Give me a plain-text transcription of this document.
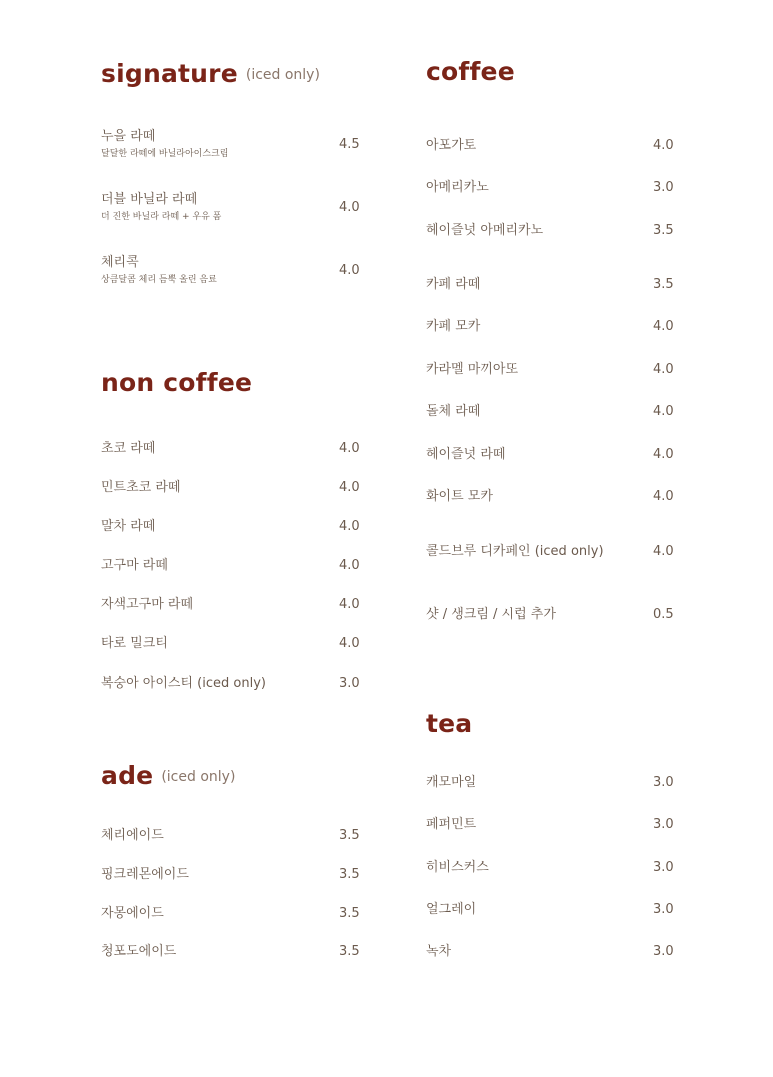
signature (iced only)
누을 라떼
달달한 라떼에 바닐라아이스크림
4.5
더블 바닐라 라떼
더 진한 바닐라 라떼 + 우유 폼
4.0
체리콕
상큼달콤 체리 듬뿍 올린 음료
4.0
non coffee
초코 라떼	4.0
민트초코 라떼	4.0
말차 라떼	4.0
고구마 라떼	4.0
자색고구마 라떼	4.0
타로 밀크티	4.0
복숭아 아이스티 (iced only)	3.0
ade (iced only)
체리에이드	3.5
핑크레몬에이드	3.5
자몽에이드	3.5
청포도에이드	3.5
coffee
아포가토	4.0
아메리카노	3.0
헤이즐넛 아메리카노	3.5
카페 라떼	3.5
카페 모카	4.0
카라멜 마끼아또	4.0
돌체 라떼	4.0
헤이즐넛 라떼	4.0
화이트 모카	4.0
콜드브루 디카페인 (iced only)	4.0
샷 / 생크림 / 시럽 추가	0.5
tea
캐모마일	3.0
페퍼민트	3.0
히비스커스	3.0
얼그레이	3.0
녹차	3.0
